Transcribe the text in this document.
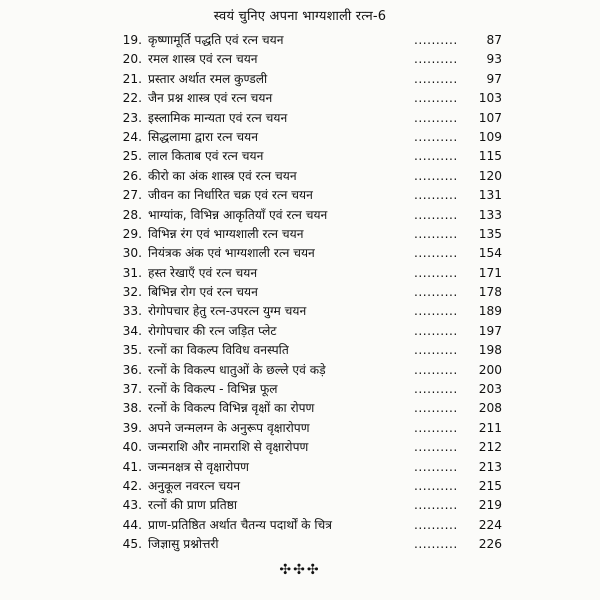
स्वयं चुनिए अपना भाग्यशाली रत्न-6
19. कृष्णामूर्ति पद्धति एवं रत्न चयन	..........	87
20. रमल शास्त्र एवं रत्न चयन	..........	93
21. प्रस्तार अर्थात रमल कुण्डली	..........	97
22. जैन प्रश्न शास्त्र एवं रत्न चयन	..........	103
23. इस्लामिक मान्यता एवं रत्न चयन	..........	107
24. सिद्धलामा द्वारा रत्न चयन	..........	109
25. लाल किताब एवं रत्न चयन	..........	115
26. कीरो का अंक शास्त्र एवं रत्न चयन	..........	120
27. जीवन का निर्धारित चक्र एवं रत्न चयन	..........	131
28. भाग्यांक, विभिन्न आकृतियाँ एवं रत्न चयन	..........	133
29. विभिन्न रंग एवं भाग्यशाली रत्न चयन	..........	135
30. नियंत्रक अंक एवं भाग्यशाली रत्न चयन	..........	154
31. हस्त रेखाएँ एवं रत्न चयन	..........	171
32. बिभिन्न रोग एवं रत्न चयन	..........	178
33. रोगोपचार हेतु रत्न-उपरत्न युग्म चयन	..........	189
34. रोगोपचार की रत्न जड़ित प्लेट	..........	197
35. रत्नों का विकल्प विविध वनस्पति	..........	198
36. रत्नों के विकल्प धातुओं के छल्ले एवं कड़े	..........	200
37. रत्नों के विकल्प - विभिन्न फूल	..........	203
38. रत्नों के विकल्प विभिन्न वृक्षों का रोपण	..........	208
39. अपने जन्मलग्न के अनुरूप वृक्षारोपण	..........	211
40. जन्मराशि और नामराशि से वृक्षारोपण	..........	212
41. जन्मनक्षत्र से वृक्षारोपण	..........	213
42. अनुकूल नवरत्न चयन	..........	215
43. रत्नों की प्राण प्रतिष्ठा	..........	219
44. प्राण-प्रतिष्ठित अर्थात चैतन्य पदार्थों के चित्र	..........	224
45. जिज्ञासु प्रश्नोत्तरी	..........	226
✣✣✣
